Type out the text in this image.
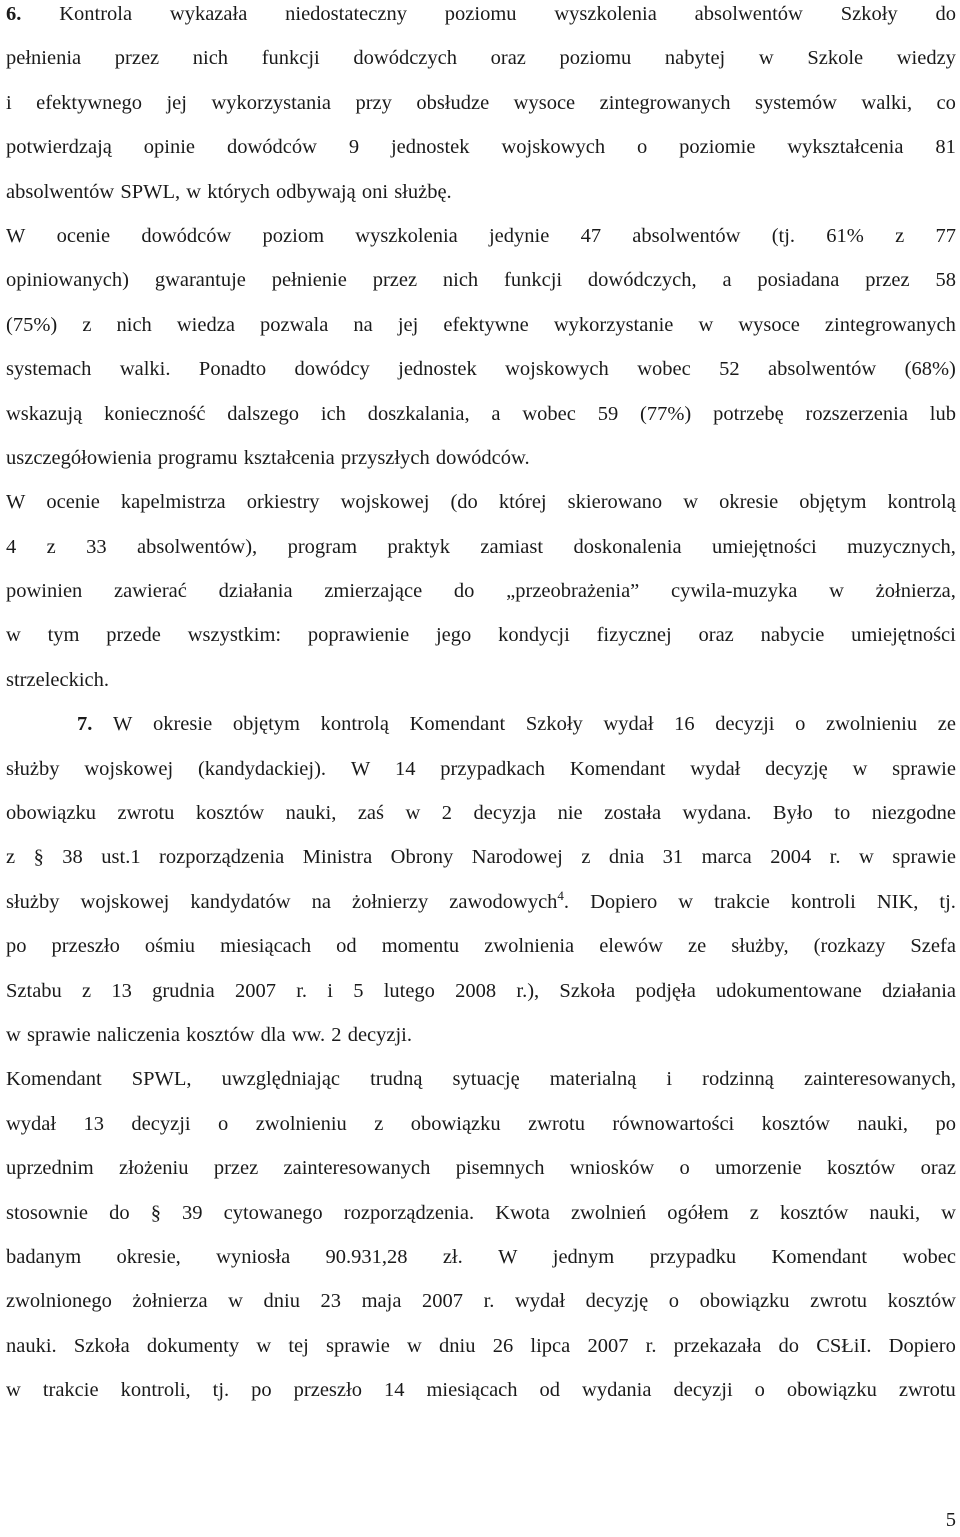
6. Kontrola wykazała niedostateczny poziomu wyszkolenia absolwentów Szkoły do
pełnienia przez nich funkcji dowódczych oraz poziomu nabytej w Szkole wiedzy
i efektywnego jej wykorzystania przy obsłudze wysoce zintegrowanych systemów walki, co
potwierdzają opinie dowódców 9 jednostek wojskowych o poziomie wykształcenia 81
absolwentów SPWL, w których odbywają oni służbę.
W ocenie dowódców poziom wyszkolenia jedynie 47 absolwentów (tj. 61% z 77
opiniowanych) gwarantuje pełnienie przez nich funkcji dowódczych, a posiadana przez 58
(75%) z nich wiedza pozwala na jej efektywne wykorzystanie w wysoce zintegrowanych
systemach walki. Ponadto dowódcy jednostek wojskowych wobec 52 absolwentów (68%)
wskazują konieczność dalszego ich doszkalania, a wobec 59 (77%) potrzebę rozszerzenia lub
uszczegółowienia programu kształcenia przyszłych dowódców.
W ocenie kapelmistrza orkiestry wojskowej (do której skierowano w okresie objętym kontrolą
4 z 33 absolwentów), program praktyk zamiast doskonalenia umiejętności muzycznych,
powinien zawierać działania zmierzające do „przeobrażenia” cywila-muzyka w żołnierza,
w tym przede wszystkim: poprawienie jego kondycji fizycznej oraz nabycie umiejętności
strzeleckich.
7. W okresie objętym kontrolą Komendant Szkoły wydał 16 decyzji o zwolnieniu ze
służby wojskowej (kandydackiej). W 14 przypadkach Komendant wydał decyzję w sprawie
obowiązku zwrotu kosztów nauki, zaś w 2 decyzja nie została wydana. Było to niezgodne
z § 38 ust.1 rozporządzenia Ministra Obrony Narodowej z dnia 31 marca 2004 r. w sprawie
służby wojskowej kandydatów na żołnierzy zawodowych$^4$. Dopiero w trakcie kontroli NIK, tj.
po przeszło ośmiu miesiącach od momentu zwolnienia elewów ze służby, (rozkazy Szefa
Sztabu z 13 grudnia 2007 r. i 5 lutego 2008 r.), Szkoła podjęła udokumentowane działania
w sprawie naliczenia kosztów dla ww. 2 decyzji.
Komendant SPWL, uwzględniając trudną sytuację materialną i rodzinną zainteresowanych,
wydał 13 decyzji o zwolnieniu z obowiązku zwrotu równowartości kosztów nauki, po
uprzednim złożeniu przez zainteresowanych pisemnych wniosków o umorzenie kosztów oraz
stosownie do § 39 cytowanego rozporządzenia. Kwota zwolnień ogółem z kosztów nauki, w
badanym okresie, wyniosła 90.931,28 zł. W jednym przypadku Komendant wobec
zwolnionego żołnierza w dniu 23 maja 2007 r. wydał decyzję o obowiązku zwrotu kosztów
nauki. Szkoła dokumenty w tej sprawie w dniu 26 lipca 2007 r. przekazała do CSŁiI. Dopiero
w trakcie kontroli, tj. po przeszło 14 miesiącach od wydania decyzji o obowiązku zwrotu
5
